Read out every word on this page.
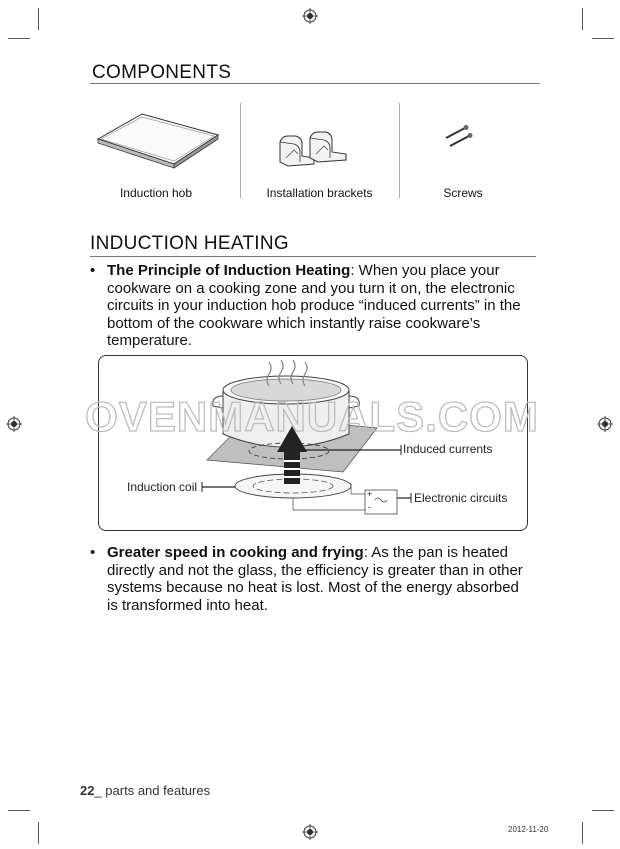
COMPONENTS
Induction hob	Installation brackets	Screws
INDUCTION HEATING
• The Principle of Induction Heating: When you place your cookware on a cooking zone and you turn it on, the electronic circuits in your induction hob produce “induced currents” in the bottom of the cookware which instantly raise cookware’s temperature.
Induced currents
Induction coil
Electronic circuits
+
-
OVENMANUALS.COM
• Greater speed in cooking and frying: As the pan is heated directly and not the glass, the efficiency is greater than in other systems because no heat is lost. Most of the energy absorbed is transformed into heat.
22_ parts and features
2012-11-20
